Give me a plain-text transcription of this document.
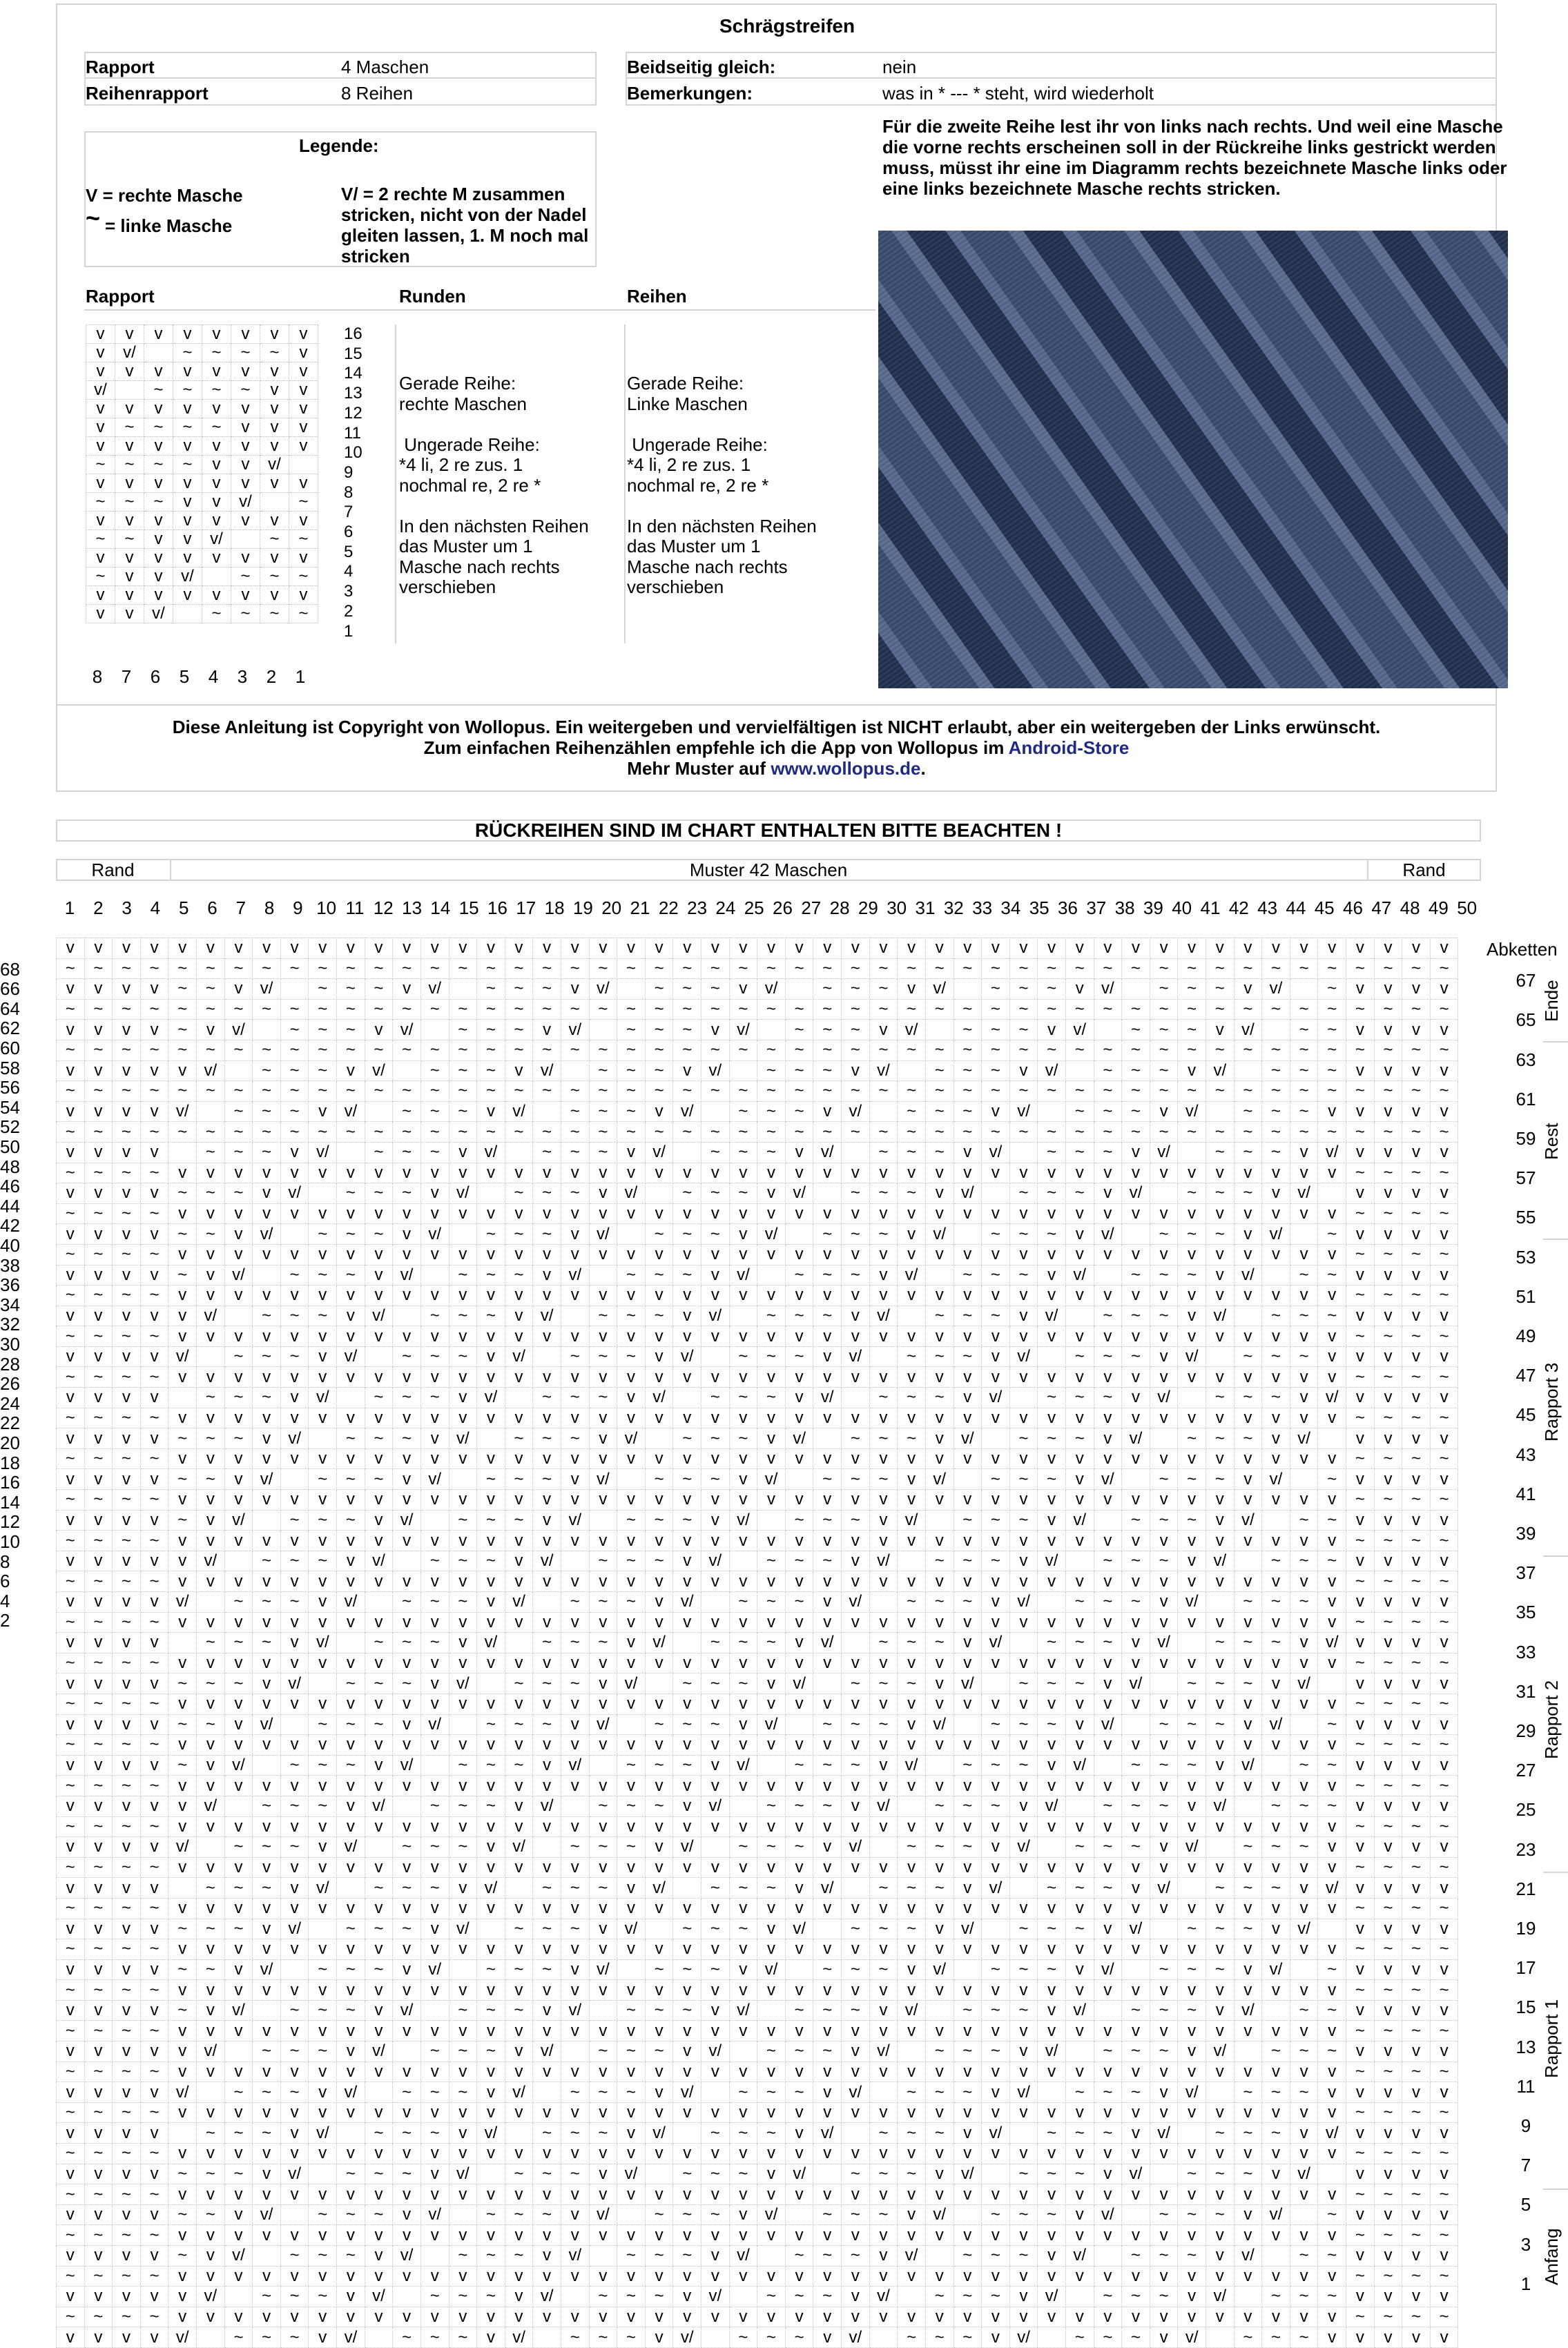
Schrägstreifen
Rapport	4 Maschen
Reihenrapport	8 Reihen
Beidseitig gleich:	nein
Bemerkungen:	was in * --- * steht, wird wiederholt
Für die zweite Reihe lest ihr von links nach rechts. Und weil eine Masche die vorne rechts erscheinen soll in der Rückreihe links gestrickt werden muss, müsst ihr eine im Diagramm rechts bezeichnete Masche links oder eine links bezeichnete Masche rechts stricken.
Legende:
V = rechte Masche
~ = linke Masche
V/ = 2 rechte M zusammen stricken, nicht von der Nadel gleiten lassen, 1. M noch mal stricken
Rapport	Runden	Reihen
v	v	v	v	v	v	v	v
v	v/		~	~	~	~	v
v	v	v	v	v	v	v	v
v/		~	~	~	~	v	v
v	v	v	v	v	v	v	v
v	~	~	~	~	v	v	v
v	v	v	v	v	v	v	v
~	~	~	~	v	v	v/	
v	v	v	v	v	v	v	v
~	~	~	v	v	v/		~
v	v	v	v	v	v	v	v
~	~	v	v	v/		~	~
v	v	v	v	v	v	v	v
~	v	v	v/		~	~	~
v	v	v	v	v	v	v	v
v	v	v/		~	~	~	~
16
15
14
13
12
11
10
9
8
7
6
5
4
3
2
1
8 7 6 5 4 3 2 1
Gerade Reihe:
rechte Maschen
Ungerade Reihe:
*4 li, 2 re zus. 1
nochmal re, 2 re *
In den nächsten Reihen
das Muster um 1
Masche nach rechts
verschieben
Gerade Reihe:
Linke Maschen
Ungerade Reihe:
*4 li, 2 re zus. 1
nochmal re, 2 re *
In den nächsten Reihen
das Muster um 1
Masche nach rechts
verschieben
Diese Anleitung ist Copyright von Wollopus. Ein weitergeben und vervielfältigen ist NICHT erlaubt, aber ein weitergeben der Links erwünscht.
Zum einfachen Reihenzählen empfehle ich die App von Wollopus im Android-Store
Mehr Muster auf www.wollopus.de.
RÜCKREIHEN SIND IM CHART ENTHALTEN BITTE BEACHTEN !
Rand	Muster 42 Maschen	Rand
1	2	3	4	5	6	7	8	9 10 11 12 13 14 15 16 17 18 19 20 21 22 23 24 25 26 27 28 29 30 31 32 33 34 35 36 37 38 39 40 41 42 43 44 45 46 47 48 49 50
v	v	v	v	v	v	v	v	v	v	v	v	v	v	v	v	v	v	v	v	v	v	v	v	v	v	v	v	v	v	v	v	v	v	v	v	v	v	v	v	v	v	v	v	v	v	v	v	v	v
~	~	~	~	~	~	~	~	~	~	~	~	~	~	~	~	~	~	~	~	~	~	~	~	~	~	~	~	~	~	~	~	~	~	~	~	~	~	~	~	~	~	~	~	~	~	~	~	~	~
v	v	v	v	~	~	v	v/		~	~	~	v	v/		~	~	~	v	v/		~	~	~	v	v/		~	~	~	v	v/		~	~	~	v	v/		~	~	~	v	v/		~	v	v	v	v
~	~	~	~	~	~	~	~	~	~	~	~	~	~	~	~	~	~	~	~	~	~	~	~	~	~	~	~	~	~	~	~	~	~	~	~	~	~	~	~	~	~	~	~	~	~	~	~	~	~
v	v	v	v	~	v	v/		~	~	~	v	v/		~	~	~	v	v/		~	~	~	v	v/		~	~	~	v	v/		~	~	~	v	v/		~	~	~	v	v/		~	~	v	v	v	v
~	~	~	~	~	~	~	~	~	~	~	~	~	~	~	~	~	~	~	~	~	~	~	~	~	~	~	~	~	~	~	~	~	~	~	~	~	~	~	~	~	~	~	~	~	~	~	~	~	~
v	v	v	v	v	v/		~	~	~	v	v/		~	~	~	v	v/		~	~	~	v	v/		~	~	~	v	v/		~	~	~	v	v/		~	~	~	v	v/		~	~	~	v	v	v	v
~	~	~	~	~	~	~	~	~	~	~	~	~	~	~	~	~	~	~	~	~	~	~	~	~	~	~	~	~	~	~	~	~	~	~	~	~	~	~	~	~	~	~	~	~	~	~	~	~	~
v	v	v	v	v/		~	~	~	v	v/		~	~	~	v	v/		~	~	~	v	v/		~	~	~	v	v/		~	~	~	v	v/		~	~	~	v	v/		~	~	~	v	v	v	v	v
~	~	~	~	~	~	~	~	~	~	~	~	~	~	~	~	~	~	~	~	~	~	~	~	~	~	~	~	~	~	~	~	~	~	~	~	~	~	~	~	~	~	~	~	~	~	~	~	~	~
v	v	v	v		~	~	~	v	v/		~	~	~	v	v/		~	~	~	v	v/		~	~	~	v	v/		~	~	~	v	v/		~	~	~	v	v/		~	~	~	v	v/	v	v	v	v
~	~	~	~	v	v	v	v	v	v	v	v	v	v	v	v	v	v	v	v	v	v	v	v	v	v	v	v	v	v	v	v	v	v	v	v	v	v	v	v	v	v	v	v	v	v	~	~	~	~
v	v	v	v	~	~	~	v	v/		~	~	~	v	v/		~	~	~	v	v/		~	~	~	v	v/		~	~	~	v	v/		~	~	~	v	v/		~	~	~	v	v/		v	v	v	v
~	~	~	~	v	v	v	v	v	v	v	v	v	v	v	v	v	v	v	v	v	v	v	v	v	v	v	v	v	v	v	v	v	v	v	v	v	v	v	v	v	v	v	v	v	v	~	~	~	~
v	v	v	v	~	~	v	v/		~	~	~	v	v/		~	~	~	v	v/		~	~	~	v	v/		~	~	~	v	v/		~	~	~	v	v/		~	~	~	v	v/		~	v	v	v	v
~	~	~	~	v	v	v	v	v	v	v	v	v	v	v	v	v	v	v	v	v	v	v	v	v	v	v	v	v	v	v	v	v	v	v	v	v	v	v	v	v	v	v	v	v	v	~	~	~	~
v	v	v	v	~	v	v/		~	~	~	v	v/		~	~	~	v	v/		~	~	~	v	v/		~	~	~	v	v/		~	~	~	v	v/		~	~	~	v	v/		~	~	v	v	v	v
~	~	~	~	v	v	v	v	v	v	v	v	v	v	v	v	v	v	v	v	v	v	v	v	v	v	v	v	v	v	v	v	v	v	v	v	v	v	v	v	v	v	v	v	v	v	~	~	~	~
v	v	v	v	v	v/		~	~	~	v	v/		~	~	~	v	v/		~	~	~	v	v/		~	~	~	v	v/		~	~	~	v	v/		~	~	~	v	v/		~	~	~	v	v	v	v
~	~	~	~	v	v	v	v	v	v	v	v	v	v	v	v	v	v	v	v	v	v	v	v	v	v	v	v	v	v	v	v	v	v	v	v	v	v	v	v	v	v	v	v	v	v	~	~	~	~
v	v	v	v	v/		~	~	~	v	v/		~	~	~	v	v/		~	~	~	v	v/		~	~	~	v	v/		~	~	~	v	v/		~	~	~	v	v/		~	~	~	v	v	v	v	v
~	~	~	~	v	v	v	v	v	v	v	v	v	v	v	v	v	v	v	v	v	v	v	v	v	v	v	v	v	v	v	v	v	v	v	v	v	v	v	v	v	v	v	v	v	v	~	~	~	~
v	v	v	v		~	~	~	v	v/		~	~	~	v	v/		~	~	~	v	v/		~	~	~	v	v/		~	~	~	v	v/		~	~	~	v	v/		~	~	~	v	v/	v	v	v	v
~	~	~	~	v	v	v	v	v	v	v	v	v	v	v	v	v	v	v	v	v	v	v	v	v	v	v	v	v	v	v	v	v	v	v	v	v	v	v	v	v	v	v	v	v	v	~	~	~	~
v	v	v	v	~	~	~	v	v/		~	~	~	v	v/		~	~	~	v	v/		~	~	~	v	v/		~	~	~	v	v/		~	~	~	v	v/		~	~	~	v	v/		v	v	v	v
~	~	~	~	v	v	v	v	v	v	v	v	v	v	v	v	v	v	v	v	v	v	v	v	v	v	v	v	v	v	v	v	v	v	v	v	v	v	v	v	v	v	v	v	v	v	~	~	~	~
v	v	v	v	~	~	v	v/		~	~	~	v	v/		~	~	~	v	v/		~	~	~	v	v/		~	~	~	v	v/		~	~	~	v	v/		~	~	~	v	v/		~	v	v	v	v
~	~	~	~	v	v	v	v	v	v	v	v	v	v	v	v	v	v	v	v	v	v	v	v	v	v	v	v	v	v	v	v	v	v	v	v	v	v	v	v	v	v	v	v	v	v	~	~	~	~
v	v	v	v	~	v	v/		~	~	~	v	v/		~	~	~	v	v/		~	~	~	v	v/		~	~	~	v	v/		~	~	~	v	v/		~	~	~	v	v/		~	~	v	v	v	v
~	~	~	~	v	v	v	v	v	v	v	v	v	v	v	v	v	v	v	v	v	v	v	v	v	v	v	v	v	v	v	v	v	v	v	v	v	v	v	v	v	v	v	v	v	v	~	~	~	~
v	v	v	v	v	v/		~	~	~	v	v/		~	~	~	v	v/		~	~	~	v	v/		~	~	~	v	v/		~	~	~	v	v/		~	~	~	v	v/		~	~	~	v	v	v	v
~	~	~	~	v	v	v	v	v	v	v	v	v	v	v	v	v	v	v	v	v	v	v	v	v	v	v	v	v	v	v	v	v	v	v	v	v	v	v	v	v	v	v	v	v	v	~	~	~	~
v	v	v	v	v/		~	~	~	v	v/		~	~	~	v	v/		~	~	~	v	v/		~	~	~	v	v/		~	~	~	v	v/		~	~	~	v	v/		~	~	~	v	v	v	v	v
~	~	~	~	v	v	v	v	v	v	v	v	v	v	v	v	v	v	v	v	v	v	v	v	v	v	v	v	v	v	v	v	v	v	v	v	v	v	v	v	v	v	v	v	v	v	~	~	~	~
v	v	v	v		~	~	~	v	v/		~	~	~	v	v/		~	~	~	v	v/		~	~	~	v	v/		~	~	~	v	v/		~	~	~	v	v/		~	~	~	v	v/	v	v	v	v
~	~	~	~	v	v	v	v	v	v	v	v	v	v	v	v	v	v	v	v	v	v	v	v	v	v	v	v	v	v	v	v	v	v	v	v	v	v	v	v	v	v	v	v	v	v	~	~	~	~
v	v	v	v	~	~	~	v	v/		~	~	~	v	v/		~	~	~	v	v/		~	~	~	v	v/		~	~	~	v	v/		~	~	~	v	v/		~	~	~	v	v/		v	v	v	v
~	~	~	~	v	v	v	v	v	v	v	v	v	v	v	v	v	v	v	v	v	v	v	v	v	v	v	v	v	v	v	v	v	v	v	v	v	v	v	v	v	v	v	v	v	v	~	~	~	~
v	v	v	v	~	~	v	v/		~	~	~	v	v/		~	~	~	v	v/		~	~	~	v	v/		~	~	~	v	v/		~	~	~	v	v/		~	~	~	v	v/		~	v	v	v	v
~	~	~	~	v	v	v	v	v	v	v	v	v	v	v	v	v	v	v	v	v	v	v	v	v	v	v	v	v	v	v	v	v	v	v	v	v	v	v	v	v	v	v	v	v	v	~	~	~	~
v	v	v	v	~	v	v/		~	~	~	v	v/		~	~	~	v	v/		~	~	~	v	v/		~	~	~	v	v/		~	~	~	v	v/		~	~	~	v	v/		~	~	v	v	v	v
~	~	~	~	v	v	v	v	v	v	v	v	v	v	v	v	v	v	v	v	v	v	v	v	v	v	v	v	v	v	v	v	v	v	v	v	v	v	v	v	v	v	v	v	v	v	~	~	~	~
v	v	v	v	v	v/		~	~	~	v	v/		~	~	~	v	v/		~	~	~	v	v/		~	~	~	v	v/		~	~	~	v	v/		~	~	~	v	v/		~	~	~	v	v	v	v
~	~	~	~	v	v	v	v	v	v	v	v	v	v	v	v	v	v	v	v	v	v	v	v	v	v	v	v	v	v	v	v	v	v	v	v	v	v	v	v	v	v	v	v	v	v	~	~	~	~
v	v	v	v	v/		~	~	~	v	v/		~	~	~	v	v/		~	~	~	v	v/		~	~	~	v	v/		~	~	~	v	v/		~	~	~	v	v/		~	~	~	v	v	v	v	v
~	~	~	~	v	v	v	v	v	v	v	v	v	v	v	v	v	v	v	v	v	v	v	v	v	v	v	v	v	v	v	v	v	v	v	v	v	v	v	v	v	v	v	v	v	v	~	~	~	~
v	v	v	v		~	~	~	v	v/		~	~	~	v	v/		~	~	~	v	v/		~	~	~	v	v/		~	~	~	v	v/		~	~	~	v	v/		~	~	~	v	v/	v	v	v	v
~	~	~	~	v	v	v	v	v	v	v	v	v	v	v	v	v	v	v	v	v	v	v	v	v	v	v	v	v	v	v	v	v	v	v	v	v	v	v	v	v	v	v	v	v	v	~	~	~	~
v	v	v	v	~	~	~	v	v/		~	~	~	v	v/		~	~	~	v	v/		~	~	~	v	v/		~	~	~	v	v/		~	~	~	v	v/		~	~	~	v	v/		v	v	v	v
~	~	~	~	v	v	v	v	v	v	v	v	v	v	v	v	v	v	v	v	v	v	v	v	v	v	v	v	v	v	v	v	v	v	v	v	v	v	v	v	v	v	v	v	v	v	~	~	~	~
v	v	v	v	~	~	v	v/		~	~	~	v	v/		~	~	~	v	v/		~	~	~	v	v/		~	~	~	v	v/		~	~	~	v	v/		~	~	~	v	v/		~	v	v	v	v
~	~	~	~	v	v	v	v	v	v	v	v	v	v	v	v	v	v	v	v	v	v	v	v	v	v	v	v	v	v	v	v	v	v	v	v	v	v	v	v	v	v	v	v	v	v	~	~	~	~
v	v	v	v	~	v	v/		~	~	~	v	v/		~	~	~	v	v/		~	~	~	v	v/		~	~	~	v	v/		~	~	~	v	v/		~	~	~	v	v/		~	~	v	v	v	v
~	~	~	~	v	v	v	v	v	v	v	v	v	v	v	v	v	v	v	v	v	v	v	v	v	v	v	v	v	v	v	v	v	v	v	v	v	v	v	v	v	v	v	v	v	v	~	~	~	~
v	v	v	v	v	v/		~	~	~	v	v/		~	~	~	v	v/		~	~	~	v	v/		~	~	~	v	v/		~	~	~	v	v/		~	~	~	v	v/		~	~	~	v	v	v	v
~	~	~	~	v	v	v	v	v	v	v	v	v	v	v	v	v	v	v	v	v	v	v	v	v	v	v	v	v	v	v	v	v	v	v	v	v	v	v	v	v	v	v	v	v	v	~	~	~	~
v	v	v	v	v/		~	~	~	v	v/		~	~	~	v	v/		~	~	~	v	v/		~	~	~	v	v/		~	~	~	v	v/		~	~	~	v	v/		~	~	~	v	v	v	v	v
~	~	~	~	v	v	v	v	v	v	v	v	v	v	v	v	v	v	v	v	v	v	v	v	v	v	v	v	v	v	v	v	v	v	v	v	v	v	v	v	v	v	v	v	v	v	~	~	~	~
v	v	v	v		~	~	~	v	v/		~	~	~	v	v/		~	~	~	v	v/		~	~	~	v	v/		~	~	~	v	v/		~	~	~	v	v/		~	~	~	v	v/	v	v	v	v
~	~	~	~	v	v	v	v	v	v	v	v	v	v	v	v	v	v	v	v	v	v	v	v	v	v	v	v	v	v	v	v	v	v	v	v	v	v	v	v	v	v	v	v	v	v	~	~	~	~
v	v	v	v	~	~	~	v	v/		~	~	~	v	v/		~	~	~	v	v/		~	~	~	v	v/		~	~	~	v	v/		~	~	~	v	v/		~	~	~	v	v/		v	v	v	v
~	~	~	~	v	v	v	v	v	v	v	v	v	v	v	v	v	v	v	v	v	v	v	v	v	v	v	v	v	v	v	v	v	v	v	v	v	v	v	v	v	v	v	v	v	v	~	~	~	~
v	v	v	v	~	~	v	v/		~	~	~	v	v/		~	~	~	v	v/		~	~	~	v	v/		~	~	~	v	v/		~	~	~	v	v/		~	~	~	v	v/		~	v	v	v	v
~	~	~	~	v	v	v	v	v	v	v	v	v	v	v	v	v	v	v	v	v	v	v	v	v	v	v	v	v	v	v	v	v	v	v	v	v	v	v	v	v	v	v	v	v	v	~	~	~	~
v	v	v	v	~	v	v/		~	~	~	v	v/		~	~	~	v	v/		~	~	~	v	v/		~	~	~	v	v/		~	~	~	v	v/		~	~	~	v	v/		~	~	v	v	v	v
~	~	~	~	v	v	v	v	v	v	v	v	v	v	v	v	v	v	v	v	v	v	v	v	v	v	v	v	v	v	v	v	v	v	v	v	v	v	v	v	v	v	v	v	v	v	~	~	~	~
v	v	v	v	v	v/		~	~	~	v	v/		~	~	~	v	v/		~	~	~	v	v/		~	~	~	v	v/		~	~	~	v	v/		~	~	~	v	v/		~	~	~	v	v	v	v
~	~	~	~	v	v	v	v	v	v	v	v	v	v	v	v	v	v	v	v	v	v	v	v	v	v	v	v	v	v	v	v	v	v	v	v	v	v	v	v	v	v	v	v	v	v	~	~	~	~
v	v	v	v	v/		~	~	~	v	v/		~	~	~	v	v/		~	~	~	v	v/		~	~	~	v	v/		~	~	~	v	v/		~	~	~	v	v/		~	~	~	v	v	v	v	v
68
66
64
62
60
58
56
54
52
50
48
46
44
42
40
38
36
34
32
30
28
26
24
22
20
18
16
14
12
10
8
6
4
2
67
65
63
61
59
57
55
53
51
49
47
45
43
41
39
37
35
33
31
29
27
25
23
21
19
17
15
13
11
9
7
5
3
1
Abketten
Ende
Rest
Rapport 3
Rapport 2
Rapport 1
Anfang
